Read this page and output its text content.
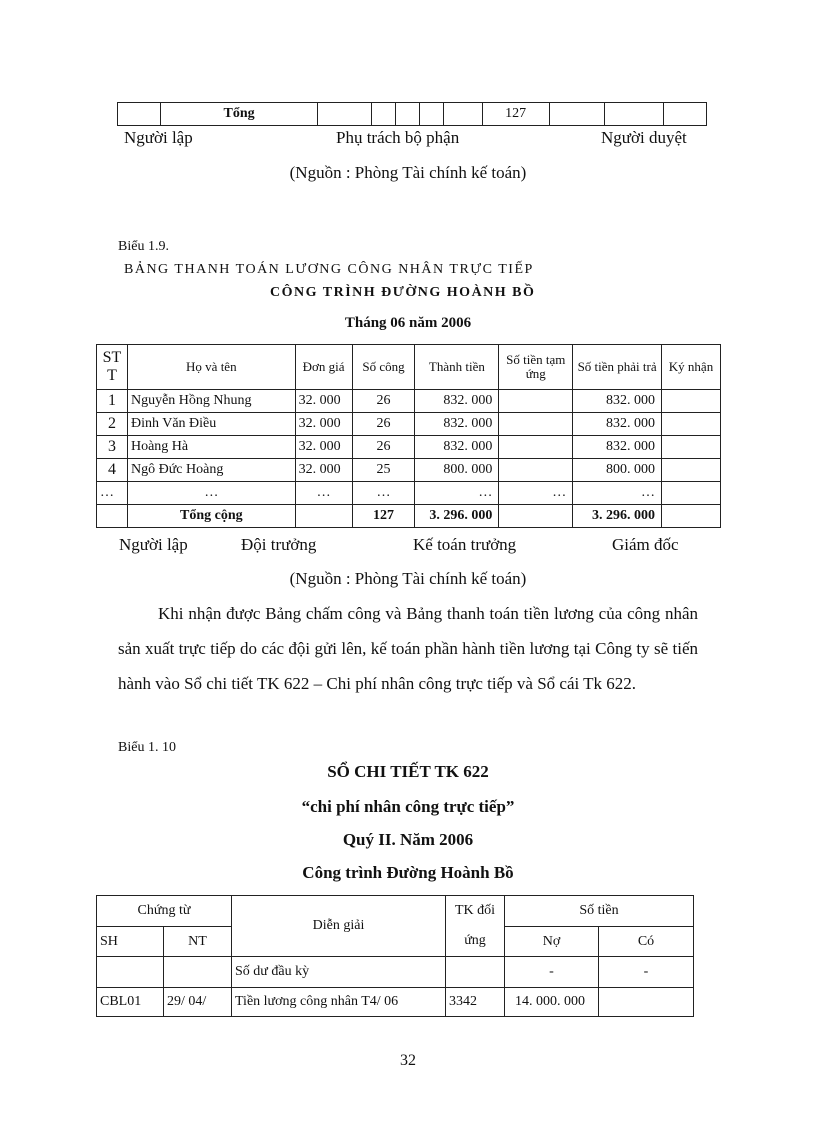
	Tổng						127			
Người lập	Phụ trách bộ phận	Người duyệt
(Nguồn : Phòng Tài chính kế toán)
Biểu 1.9.
BẢNG THANH TOÁN LƯƠNG CÔNG NHÂN TRỰC TIẾP
CÔNG TRÌNH ĐƯỜNG HOÀNH BỒ
Tháng 06 năm 2006
ST T	Họ và tên	Đơn giá	Số công	Thành tiền	Số tiền tạm ứng	Số tiền phải trả	Ký nhận
1	Nguyễn Hồng Nhung	32. 000	26	832. 000		832. 000	
2	Đinh Văn Điều	32. 000	26	832. 000		832. 000	
3	Hoàng Hà	32. 000	26	832. 000		832. 000	
4	Ngô Đức Hoàng	32. 000	25	800. 000		800. 000	
…	…	…	…	…	…	…	
	Tổng cộng		127	3. 296. 000		3. 296. 000	
Người lập	Đội trưởng	Kế toán trưởng	Giám đốc
(Nguồn : Phòng Tài chính kế toán)
Khi nhận được Bảng chấm công và Bảng thanh toán tiền lương của công nhân sản xuất trực tiếp do các đội gửi lên, kế toán phần hành tiền lương tại Công ty sẽ tiến hành vào Sổ chi tiết TK 622 – Chi phí nhân công trực tiếp và Sổ cái Tk 622.
Biểu 1. 10
SỔ CHI TIẾT TK 622
“chi phí nhân công trực tiếp”
Quý II. Năm 2006
Công trình Đường Hoành Bồ
Chứng từ		Diễn giải	TK đối ứng	Số tiền	
SH	NT			Nợ	Có
		Số dư đầu kỳ		-	-
CBL01	29/ 04/	Tiền lương công nhân T4/ 06	3342	14. 000. 000	
32
